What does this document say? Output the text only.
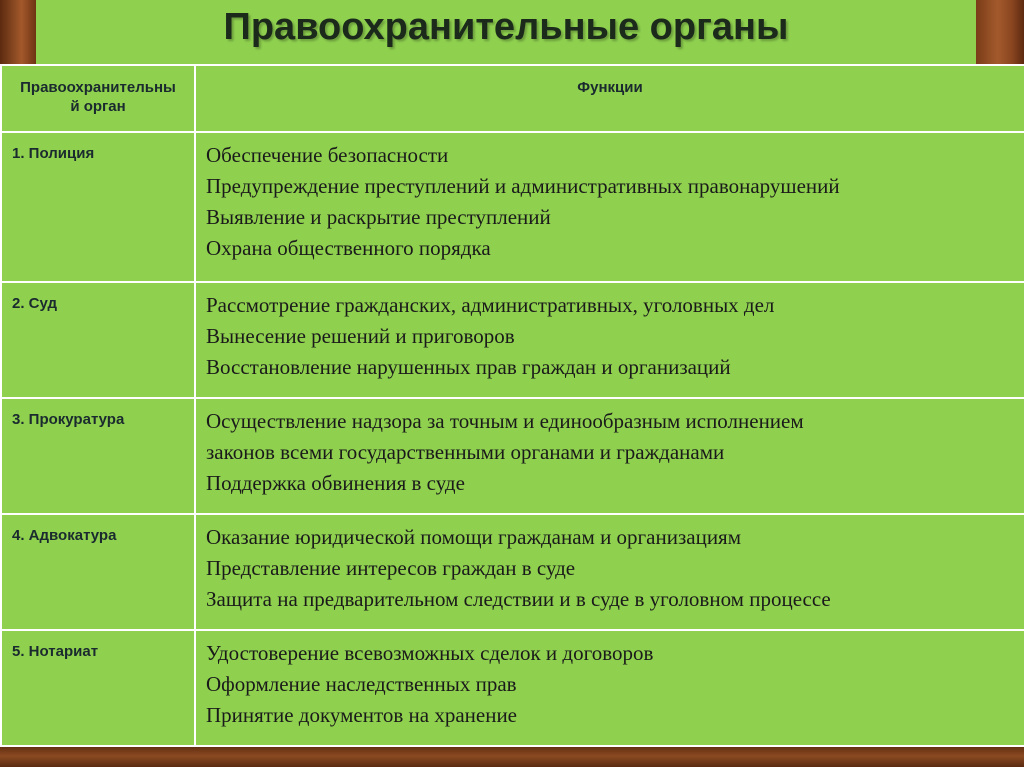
Правоохранительные органы
Правоохраните​льный орган	Функции
1. Полиция	Обеспечение безопасности
Предупреждение преступлений и административных правонарушений
Выявление и раскрытие преступлений
Охрана общественного порядка

2. Суд	Рассмотрение гражданских, административных, уголовных дел
Вынесение решений и приговоров
Восстановление нарушенных прав граждан и организаций

3. Прокуратура	Осуществление надзора за точным и единообразным исполнением
законов всеми государственными органами и гражданами
Поддержка обвинения в суде

4. Адвокатура	Оказание юридической помощи гражданам и организациям
Представление интересов граждан в суде
Защита на предварительном следствии и в суде в уголовном процессе

5. Нотариат	Удостоверение всевозможных сделок и договоров
Оформление наследственных прав
Принятие документов на хранение
